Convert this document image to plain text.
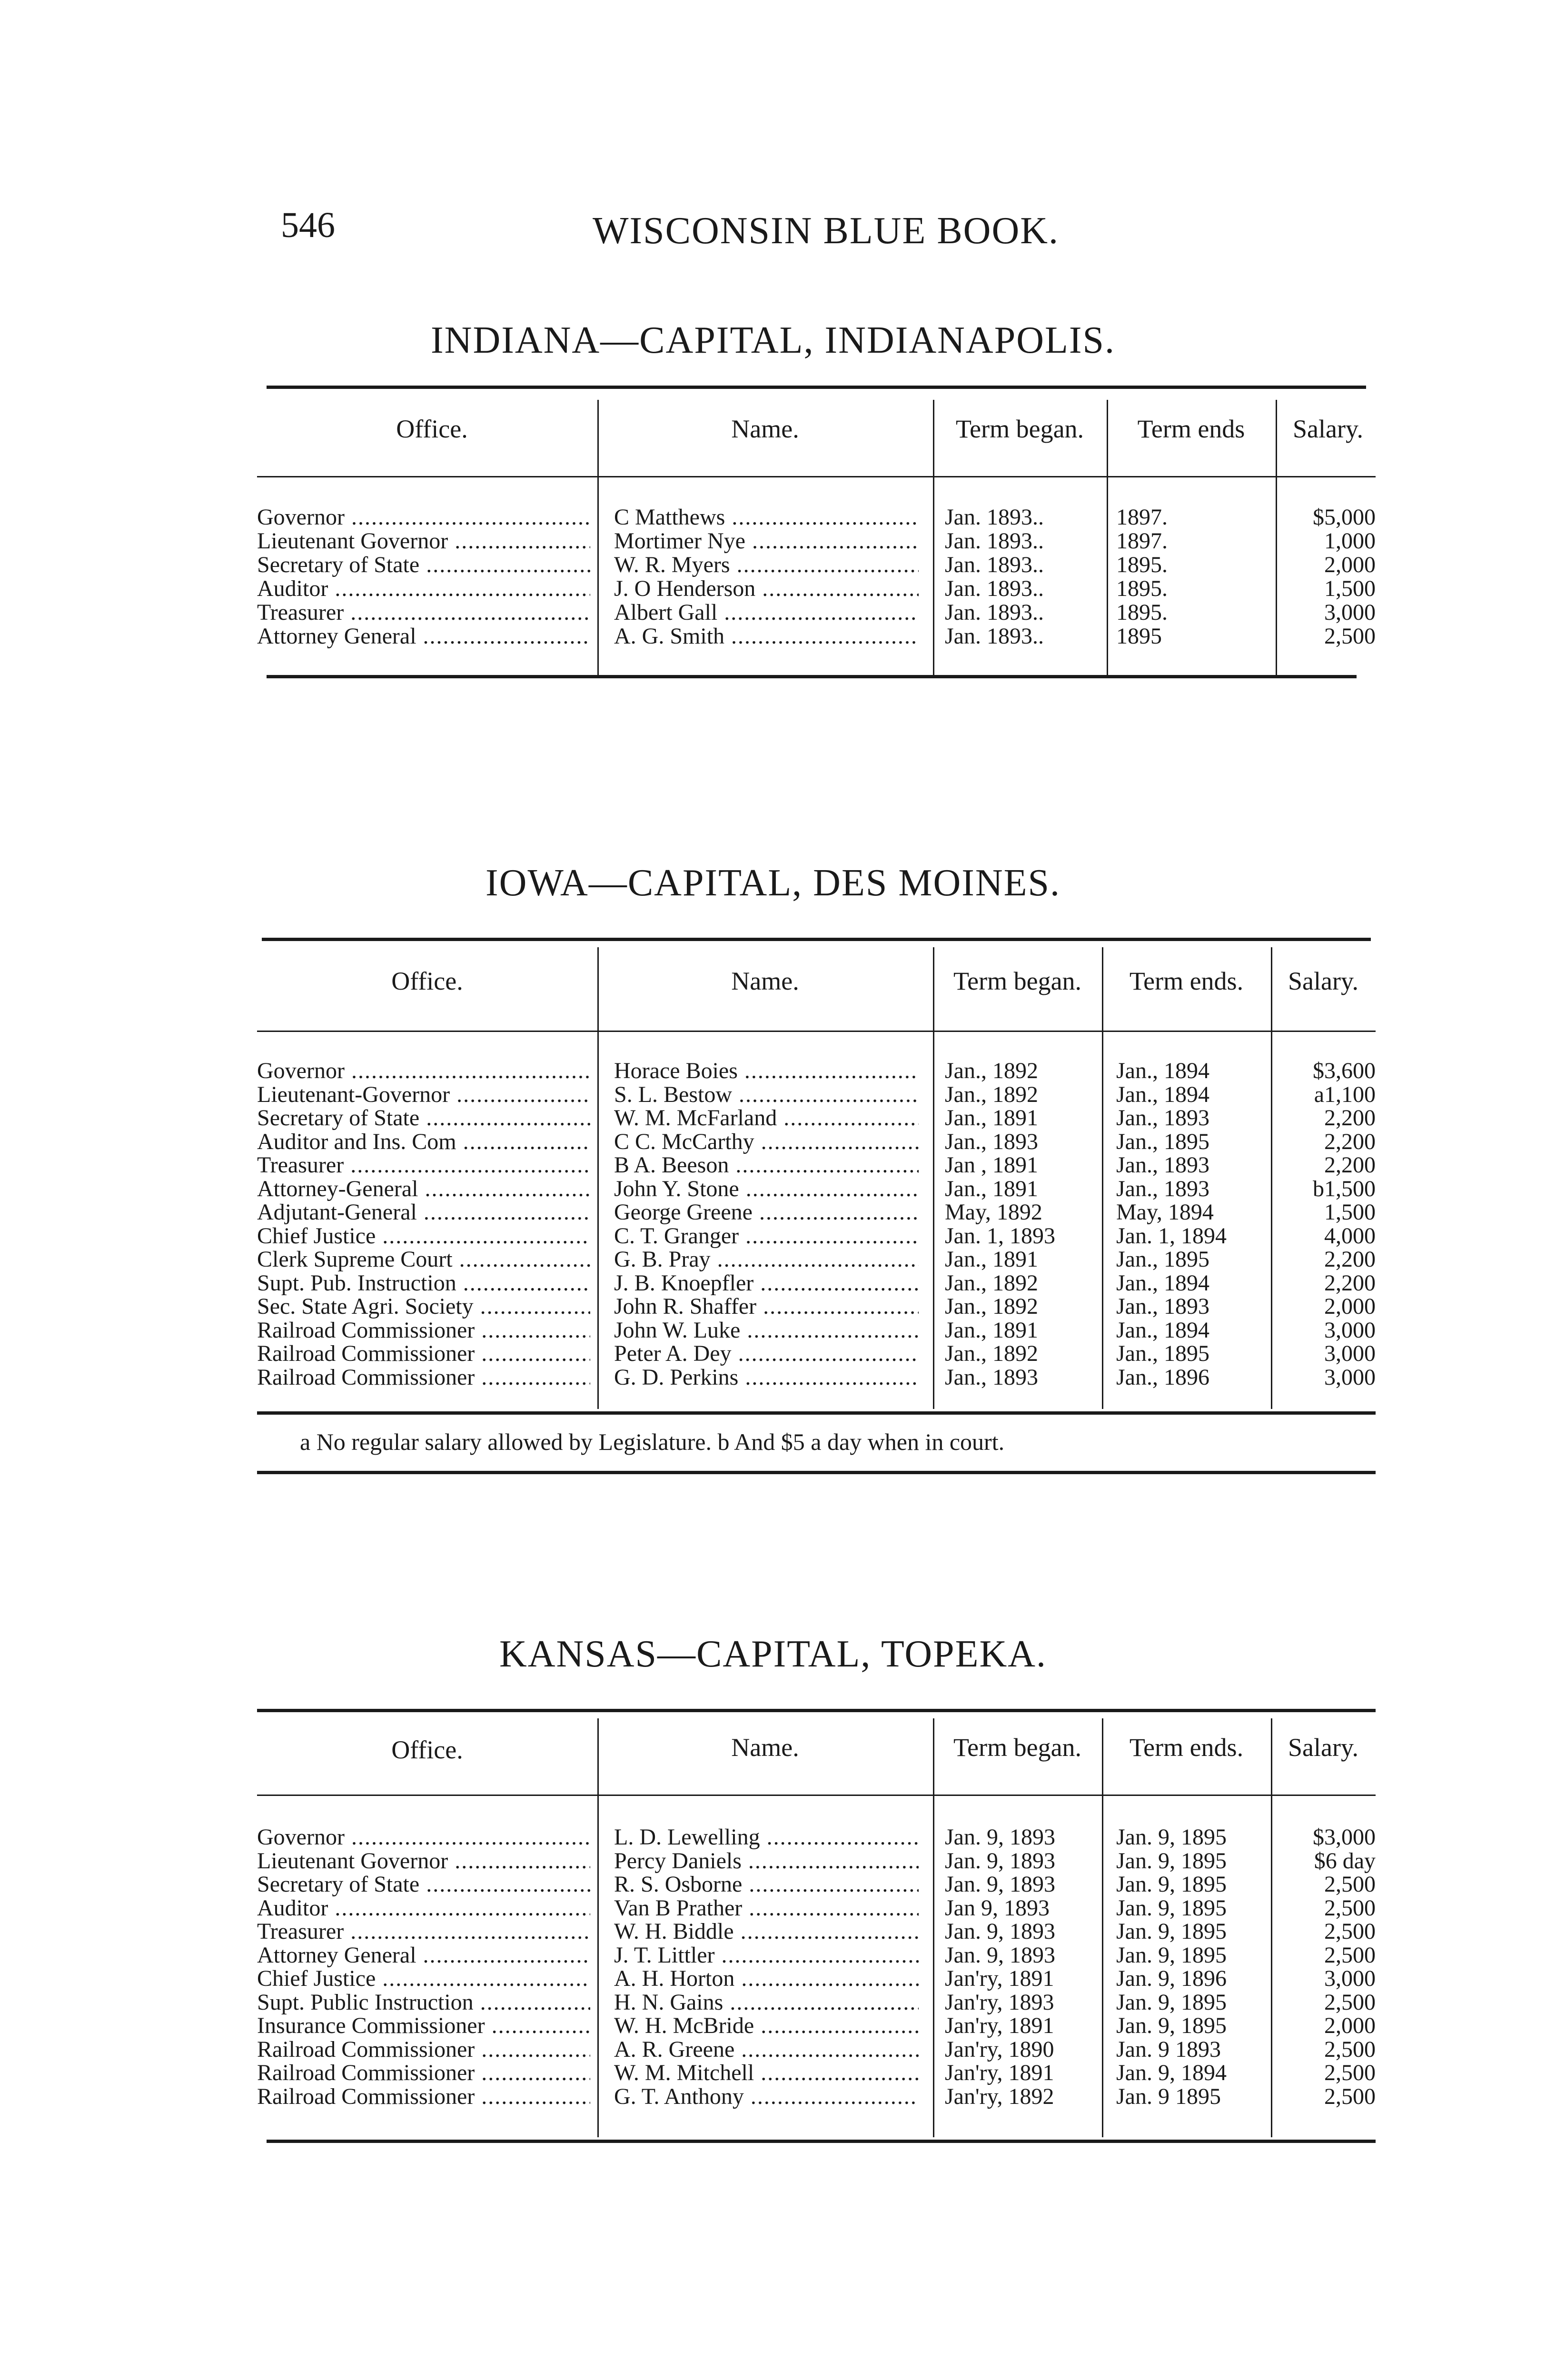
546	WISCONSIN BLUE BOOK.
INDIANA—CAPITAL, INDIANAPOLIS.
Office.	Name.	Term began.	Term ends	Salary.
Governor .....	C Matthews .....	Jan. 1893..	1897.	$5,000
Lieutenant Governor .....	Mortimer Nye .....	Jan. 1893..	1897.	1,000
Secretary of State .....	W. R. Myers .....	Jan. 1893..	1895.	2,000
Auditor .....	J. O Henderson .....	Jan. 1893..	1895.	1,500
Treasurer .....	Albert Gall .....	Jan. 1893..	1895.	3,000
Attorney General .....	A. G. Smith .....	Jan. 1893..	1895	2,500
IOWA—CAPITAL, DES MOINES.
Office.	Name.	Term began.	Term ends.	Salary.
Governor .....	Horace Boies .....	Jan., 1892	Jan., 1894	$3,600
Lieutenant-Governor .....	S. L. Bestow .....	Jan., 1892	Jan., 1894	a1,100
Secretary of State .....	W. M. McFarland .....	Jan., 1891	Jan., 1893	2,200
Auditor and Ins. Com .....	C C. McCarthy .....	Jan., 1893	Jan., 1895	2,200
Treasurer .....	B A. Beeson .....	Jan , 1891	Jan., 1893	2,200
Attorney-General .....	John Y. Stone .....	Jan., 1891	Jan., 1893	b1,500
Adjutant-General .....	George Greene .....	May, 1892	May, 1894	1,500
Chief Justice .....	C. T. Granger .....	Jan. 1, 1893	Jan. 1, 1894	4,000
Clerk Supreme Court .....	G. B. Pray .....	Jan., 1891	Jan., 1895	2,200
Supt. Pub. Instruction .....	J. B. Knoepfler .....	Jan., 1892	Jan., 1894	2,200
Sec. State Agri. Society .....	John R. Shaffer .....	Jan., 1892	Jan., 1893	2,000
Railroad Commissioner .....	John W. Luke .....	Jan., 1891	Jan., 1894	3,000
Railroad Commissioner .....	Peter A. Dey .....	Jan., 1892	Jan., 1895	3,000
Railroad Commissioner .....	G. D. Perkins .....	Jan., 1893	Jan., 1896	3,000
a No regular salary allowed by Legislature. b And $5 a day when in court.
KANSAS—CAPITAL, TOPEKA.
Office.	Name.	Term began.	Term ends.	Salary.
Governor .....	L. D. Lewelling .....	Jan. 9, 1893	Jan. 9, 1895	$3,000
Lieutenant Governor .....	Percy Daniels .....	Jan. 9, 1893	Jan. 9, 1895	$6 day
Secretary of State .....	R. S. Osborne .....	Jan. 9, 1893	Jan. 9, 1895	2,500
Auditor .....	Van B Prather .....	Jan 9, 1893	Jan. 9, 1895	2,500
Treasurer .....	W. H. Biddle .....	Jan. 9, 1893	Jan. 9, 1895	2,500
Attorney General .....	J. T. Littler .....	Jan. 9, 1893	Jan. 9, 1895	2,500
Chief Justice .....	A. H. Horton .....	Jan'ry, 1891	Jan. 9, 1896	3,000
Supt. Public Instruction .....	H. N. Gains .....	Jan'ry, 1893	Jan. 9, 1895	2,500
Insurance Commissioner .....	W. H. McBride .....	Jan'ry, 1891	Jan. 9, 1895	2,000
Railroad Commissioner .....	A. R. Greene .....	Jan'ry, 1890	Jan. 9 1893	2,500
Railroad Commissioner .....	W. M. Mitchell .....	Jan'ry, 1891	Jan. 9, 1894	2,500
Railroad Commissioner .....	G. T. Anthony .....	Jan'ry, 1892	Jan. 9 1895	2,500
